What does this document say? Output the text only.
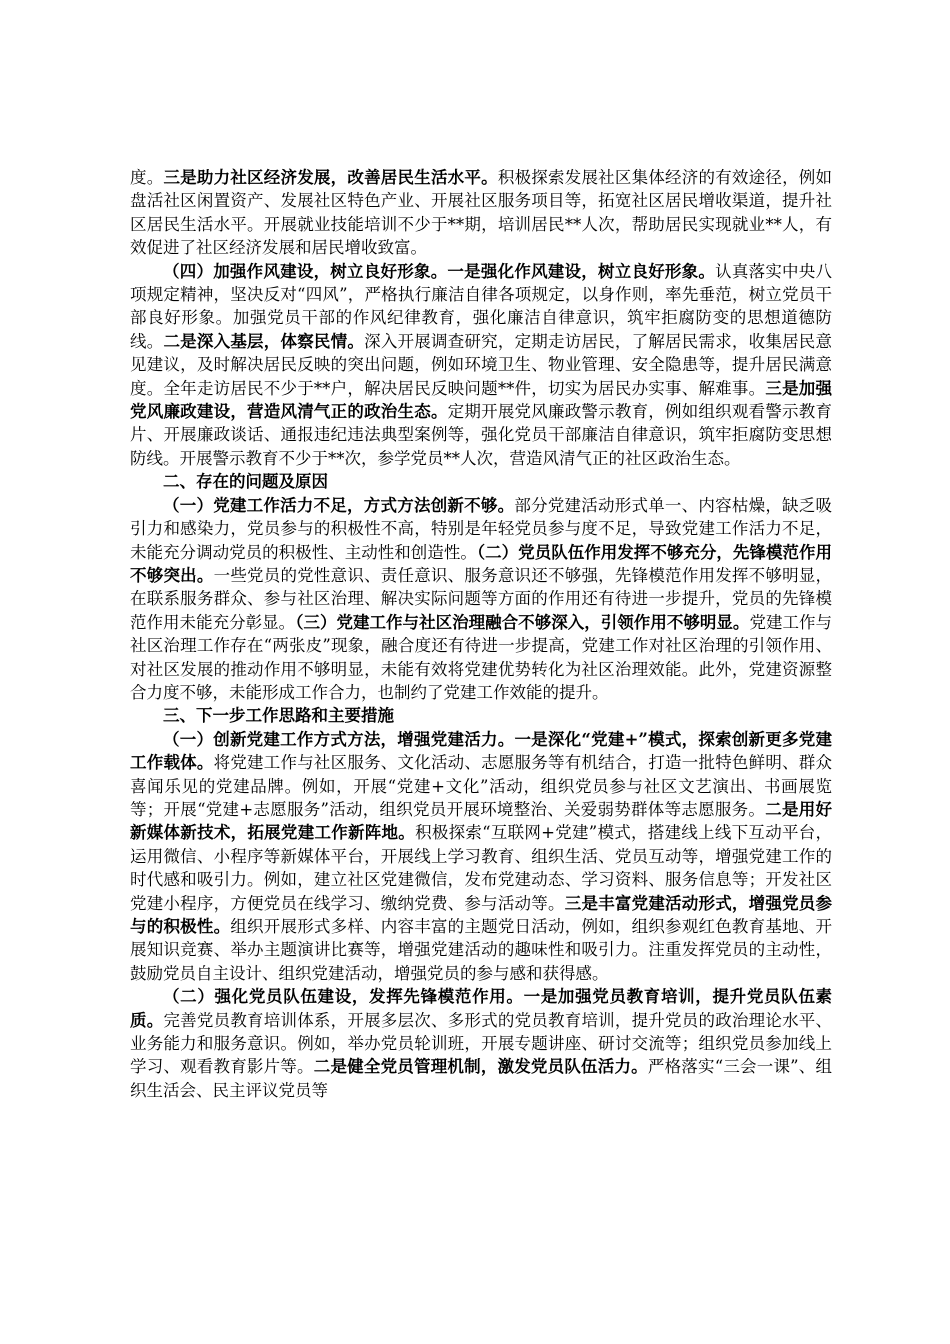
度。三是助力社区经济发展，改善居民生活水平。积极探索发展社区集体经济的有效途径，例如盘活社区闲置资产、发展社区特色产业、开展社区服务项目等，拓宽社区居民增收渠道，提升社区居民生活水平。开展就业技能培训不少于**期，培训居民**人次，帮助居民实现就业**人，有效促进了社区经济发展和居民增收致富。

（四）加强作风建设，树立良好形象。一是强化作风建设，树立良好形象。认真落实中央八项规定精神，坚决反对“四风”，严格执行廉洁自律各项规定，以身作则，率先垂范，树立党员干部良好形象。加强党员干部的作风纪律教育，强化廉洁自律意识，筑牢拒腐防变的思想道德防线。二是深入基层，体察民情。深入开展调查研究，定期走访居民，了解居民需求，收集居民意见建议，及时解决居民反映的突出问题，例如环境卫生、物业管理、安全隐患等，提升居民满意度。全年走访居民不少于**户，解决居民反映问题**件，切实为居民办实事、解难事。三是加强党风廉政建设，营造风清气正的政治生态。定期开展党风廉政警示教育，例如组织观看警示教育片、开展廉政谈话、通报违纪违法典型案例等，强化党员干部廉洁自律意识，筑牢拒腐防变思想防线。开展警示教育不少于**次，参学党员**人次，营造风清气正的社区政治生态。

二、存在的问题及原因

（一）党建工作活力不足，方式方法创新不够。部分党建活动形式单一、内容枯燥，缺乏吸引力和感染力，党员参与的积极性不高，特别是年轻党员参与度不足，导致党建工作活力不足，未能充分调动党员的积极性、主动性和创造性。（二）党员队伍作用发挥不够充分，先锋模范作用不够突出。一些党员的党性意识、责任意识、服务意识还不够强，先锋模范作用发挥不够明显，在联系服务群众、参与社区治理、解决实际问题等方面的作用还有待进一步提升，党员的先锋模范作用未能充分彰显。（三）党建工作与社区治理融合不够深入，引领作用不够明显。党建工作与社区治理工作存在“两张皮”现象，融合度还有待进一步提高，党建工作对社区治理的引领作用、对社区发展的推动作用不够明显，未能有效将党建优势转化为社区治理效能。此外，党建资源整合力度不够，未能形成工作合力，也制约了党建工作效能的提升。

三、下一步工作思路和主要措施

（一）创新党建工作方式方法，增强党建活力。一是深化“党建+”模式，探索创新更多党建工作载体。将党建工作与社区服务、文化活动、志愿服务等有机结合，打造一批特色鲜明、群众喜闻乐见的党建品牌。例如，开展“党建+文化”活动，组织党员参与社区文艺演出、书画展览等；开展“党建+志愿服务”活动，组织党员开展环境整治、关爱弱势群体等志愿服务。二是用好新媒体新技术，拓展党建工作新阵地。积极探索“互联网+党建”模式，搭建线上线下互动平台，运用微信、小程序等新媒体平台，开展线上学习教育、组织生活、党员互动等，增强党建工作的时代感和吸引力。例如，建立社区党建微信，发布党建动态、学习资料、服务信息等；开发社区党建小程序，方便党员在线学习、缴纳党费、参与活动等。三是丰富党建活动形式，增强党员参与的积极性。组织开展形式多样、内容丰富的主题党日活动，例如，组织参观红色教育基地、开展知识竞赛、举办主题演讲比赛等，增强党建活动的趣味性和吸引力。注重发挥党员的主动性，鼓励党员自主设计、组织党建活动，增强党员的参与感和获得感。

（二）强化党员队伍建设，发挥先锋模范作用。一是加强党员教育培训，提升党员队伍素质。完善党员教育培训体系，开展多层次、多形式的党员教育培训，提升党员的政治理论水平、业务能力和服务意识。例如，举办党员轮训班，开展专题讲座、研讨交流等；组织党员参加线上学习、观看教育影片等。二是健全党员管理机制，激发党员队伍活力。严格落实“三会一课”、组织生活会、民主评议党员等
